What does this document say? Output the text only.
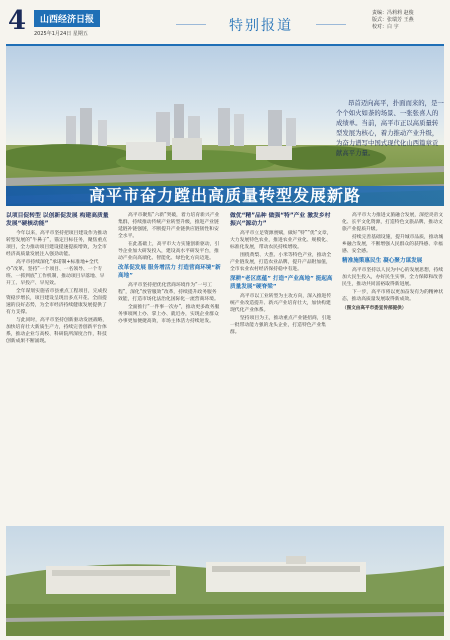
4	山西经济日报
2025年1月24日 星期五	特别报道
责编：冯莉莉 赵俊
版式：张瑞芳 王燕
校对：白 宇
昂首迈向高平，扑面而来的，是一个个如火如荼的场景、一张张喜人的成绩单。当前，高平市正以高质量转型发展为核心，着力推动产业升级，为奋力谱写中国式现代化山西篇章贡献高平力量。
高平市奋力蹚出高质量转型发展新路
以项目促转型 以创新促发展 构建高质量发展“硬核动能”

今年以来，高平市坚持把项目建设作为推动转型发展的“牛鼻子”，锚定目标任务，聚焦重点项目，全力推动项目建设提速提质增效，为全市经济高质量发展注入强劲动能。

高平市持续深化“承诺制+标准地+全代办”改革，坚持“一个项目、一名领导、一个专班、一抓到底”工作机制，推动项目早落地、早开工、早投产、早见效。

全年谋划实施省市县重点工程项目，完成投资稳步增长，项目建设呈现出多点开花、全面提速的良好态势，为全市经济持续健康发展提供了有力支撑。

与此同时，高平市坚持创新驱动发展战略，加快培育壮大新质生产力，持续完善创新平台体系，推动企业与高校、科研院所深度合作，科技创新成果不断涌现。

高平市聚焦“六新”突破，着力培育新兴产业集群，持续推动传统产业转型升级，推进产业链延链补链强链，不断提升产业链供应链韧性和安全水平。

在此基础上，高平市大力实施创新驱动，引导企业加大研发投入，建设高水平研发平台，推动产业向高端化、智能化、绿色化方向迈进。

改革促发展 服务增活力 打造营商环境“新高地”

高平市坚持把优化营商环境作为“一号工程”，深化“放管服效”改革，持续提升政务服务效能，打造市场化法治化国际化一流营商环境。

全面推行“一件事一次办”，推动更多政务服务事项网上办、掌上办、就近办，实现企业群众办事更加便捷高效，市场主体活力持续迸发。

做优“精”品种 做强“特”产业 激发乡村振兴“源动力”

高平市立足资源禀赋，做好“特”“优”文章，大力发展特色农业，推进农业产业化、规模化、标准化发展，带动农民持续增收。

围绕黄梨、大葱、小米等特色产业，推动全产业链发展，打造农业品牌，提升产品附加值，全市农业农村经济保持稳中有进。

深耕“老区底蕴” 打造“产业高地” 挺起高质量发展“硬脊梁”

高平市以工业转型为主攻方向，深入推进传统产业改造提升、新兴产业培育壮大，加快构建现代化产业体系。

坚持项目为王，推动重点产业链招商，引进一批带动能力强的龙头企业，打造特色产业集群。

高平市大力推进文旅融合发展，深挖炎帝文化、长平文化资源，打造特色文旅品牌，推动文旅产业提质升级。

持续完善基础设施，提升城市品质，推动城乡融合发展，不断增强人民群众的获得感、幸福感、安全感。

精准施策惠民生 凝心聚力谋发展

高平市坚持以人民为中心的发展思想，持续加大民生投入，办好民生实事，全力保障和改善民生，推动共同富裕取得新进展。

下一步，高平市将以更加奋发有为的精神状态，推动高质量发展取得新成效。

（图文由高平市委宣传部提供）
